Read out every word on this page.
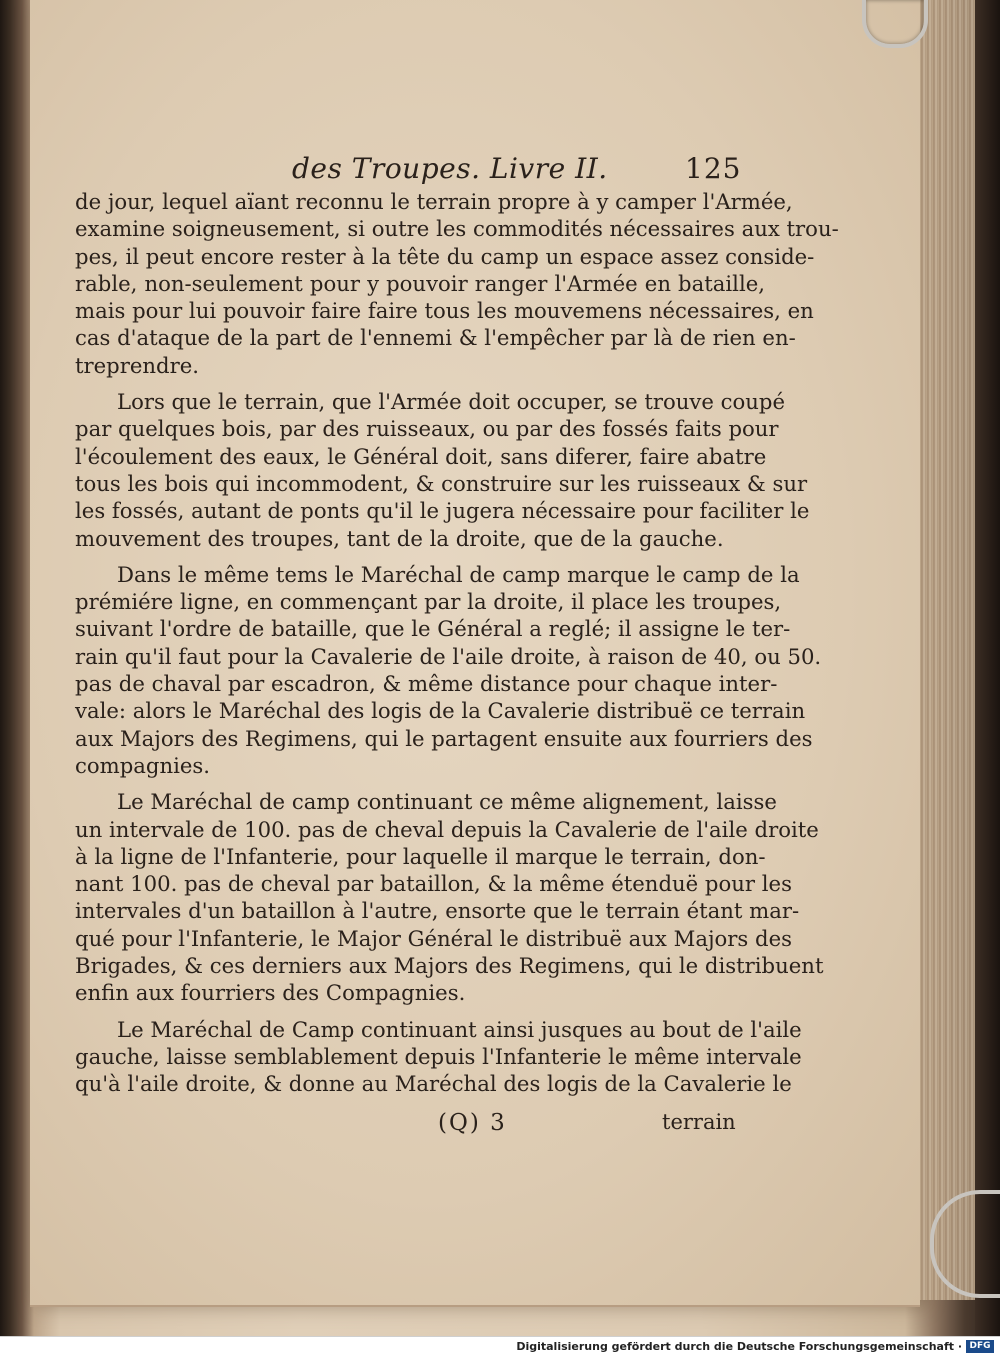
des Troupes. Livre II.	125
de jour, lequel aïant reconnu le terrain propre à y camper l'Armée,
examine soigneusement, si outre les commodités nécessaires aux trou-
pes, il peut encore rester à la tête du camp un espace assez conside-
rable, non-seulement pour y pouvoir ranger l'Armée en bataille,
mais pour lui pouvoir faire faire tous les mouvemens nécessaires, en
cas d'ataque de la part de l'ennemi & l'empêcher par là de rien en-
treprendre.
Lors que le terrain, que l'Armée doit occuper, se trouve coupé
par quelques bois, par des ruisseaux, ou par des fossés faits pour
l'écoulement des eaux, le Général doit, sans diferer, faire abatre
tous les bois qui incommodent, & construire sur les ruisseaux & sur
les fossés, autant de ponts qu'il le jugera nécessaire pour faciliter le
mouvement des troupes, tant de la droite, que de la gauche.
Dans le même tems le Maréchal de camp marque le camp de la
prémiére ligne, en commençant par la droite, il place les troupes,
suivant l'ordre de bataille, que le Général a reglé; il assigne le ter-
rain qu'il faut pour la Cavalerie de l'aile droite, à raison de 40, ou 50.
pas de chaval par escadron, & même distance pour chaque inter-
vale: alors le Maréchal des logis de la Cavalerie distribuë ce terrain
aux Majors des Regimens, qui le partagent ensuite aux fourriers des
compagnies.
Le Maréchal de camp continuant ce même alignement, laisse
un intervale de 100. pas de cheval depuis la Cavalerie de l'aile droite
à la ligne de l'Infanterie, pour laquelle il marque le terrain, don-
nant 100. pas de cheval par bataillon, & la même étenduë pour les
intervales d'un bataillon à l'autre, ensorte que le terrain étant mar-
qué pour l'Infanterie, le Major Général le distribuë aux Majors des
Brigades, & ces derniers aux Majors des Regimens, qui le distribuent
enfin aux fourriers des Compagnies.
Le Maréchal de Camp continuant ainsi jusques au bout de l'aile
gauche, laisse semblablement depuis l'Infanterie le même intervale
qu'à l'aile droite, & donne au Maréchal des logis de la Cavalerie le
(Q) 3	terrain
Digitalisierung gefördert durch die Deutsche Forschungsgemeinschaft · DFG
